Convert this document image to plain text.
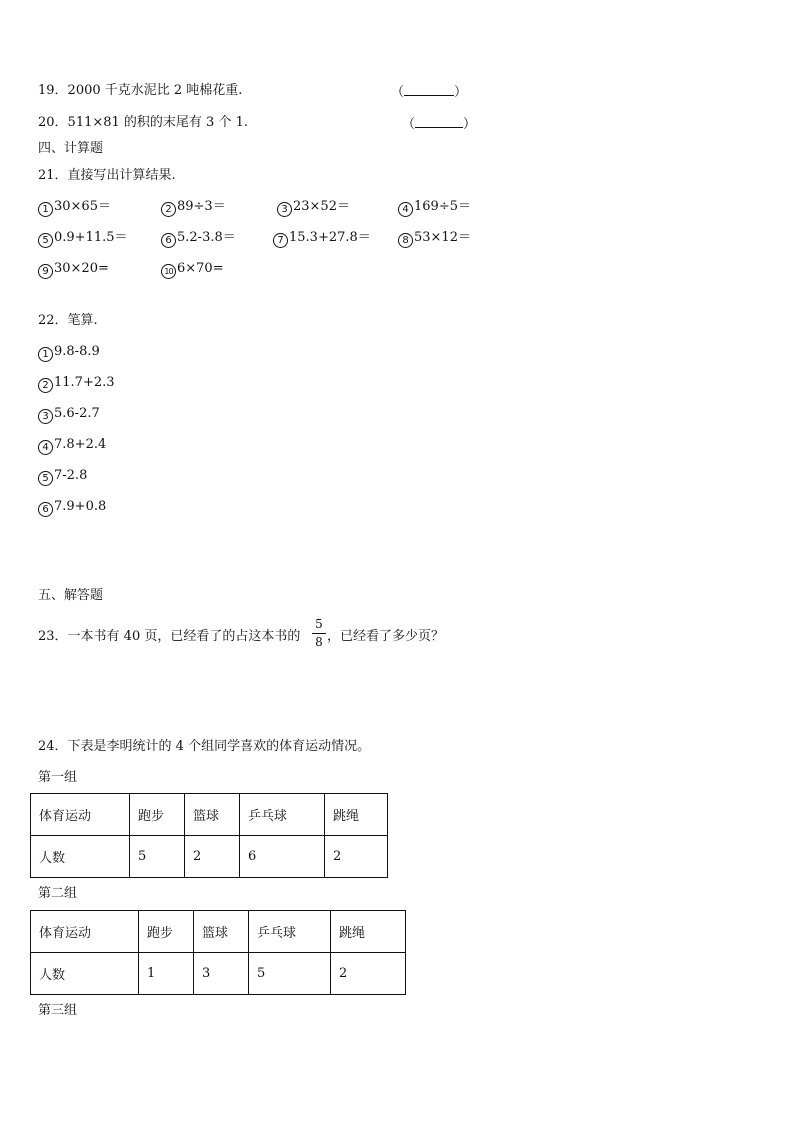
19．2000 千克水泥比 2 吨棉花重.	（	）
20．511×81 的积的末尾有 3 个 1.	（	）
四、计算题
21．直接写出计算结果.
1 30×65＝	2 89÷3＝	3 23×52＝	4 169÷5＝
5 0.9+11.5＝	6 5.2-3.8＝	7 15.3+27.8＝	8 53×12＝
9 30×20=	10 6×70=
22．笔算.
1 9.8-8.9
2 11.7+2.3
3 5.6-2.7
4 7.8+2.4
5 7-2.8
6 7.9+0.8
五、解答题
23．一本书有 40 页，已经看了的占这本书的
5
8 ，已经看了多少页？
24．下表是李明统计的 4 个组同学喜欢的体育运动情况。
第一组
体育运动	跑步	篮球	乒乓球	跳绳
人数	5	2	6	2
第二组
体育运动	跑步	篮球	乒乓球	跳绳
人数	1	3	5	2
第三组
